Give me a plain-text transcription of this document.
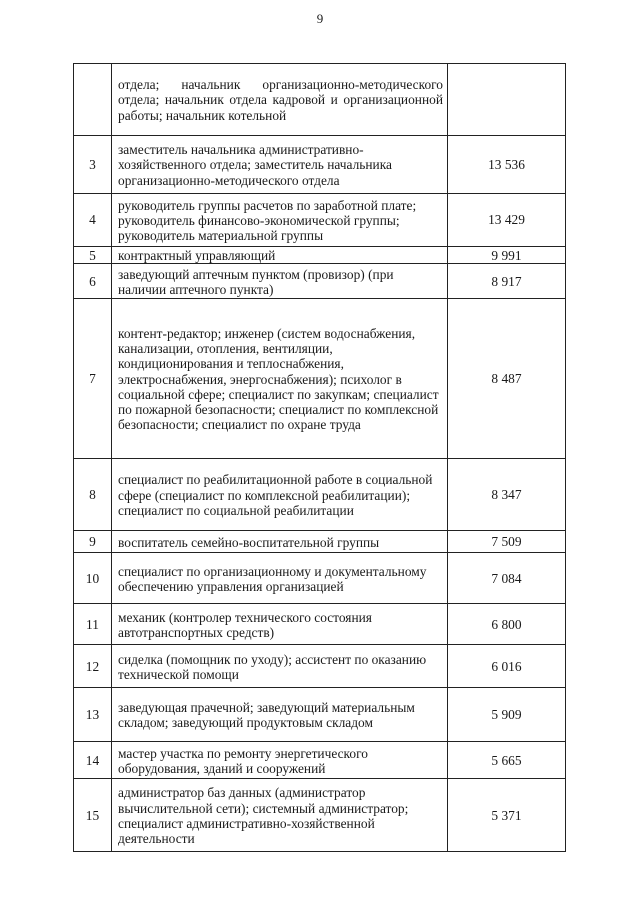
9
	отдела; начальник организационно-методического отдела; начальник отдела кадровой и организационной работы; начальник котельной	
3	заместитель начальника административно-хозяйственного отдела; заместитель начальника организационно-методического отдела	13 536
4	руководитель группы расчетов по заработной плате; руководитель финансово-экономической группы; руководитель материальной группы	13 429
5	контрактный управляющий	9 991
6	заведующий аптечным пунктом (провизор) (при наличии аптечного пункта)	8 917
7	контент-редактор; инженер (систем водоснабжения, канализации, отопления, вентиляции, кондиционирования и теплоснабжения, электроснабжения, энергоснабжения); психолог в социальной сфере; специалист по закупкам; специалист по пожарной безопасности; специалист по комплексной безопасности; специалист по охране труда	8 487
8	специалист по реабилитационной работе в социальной сфере (специалист по комплексной реабилитации); специалист по социальной реабилитации	8 347
9	воспитатель семейно-воспитательной группы	7 509
10	специалист по организационному и документальному обеспечению управления организацией	7 084
11	механик (контролер технического состояния автотранспортных средств)	6 800
12	сиделка (помощник по уходу); ассистент по оказанию технической помощи	6 016
13	заведующая прачечной; заведующий материальным складом; заведующий продуктовым складом	5 909
14	мастер участка по ремонту энергетического оборудования, зданий и сооружений	5 665
15	администратор баз данных (администратор вычислительной сети); системный администратор; специалист административно-хозяйственной деятельности	5 371
